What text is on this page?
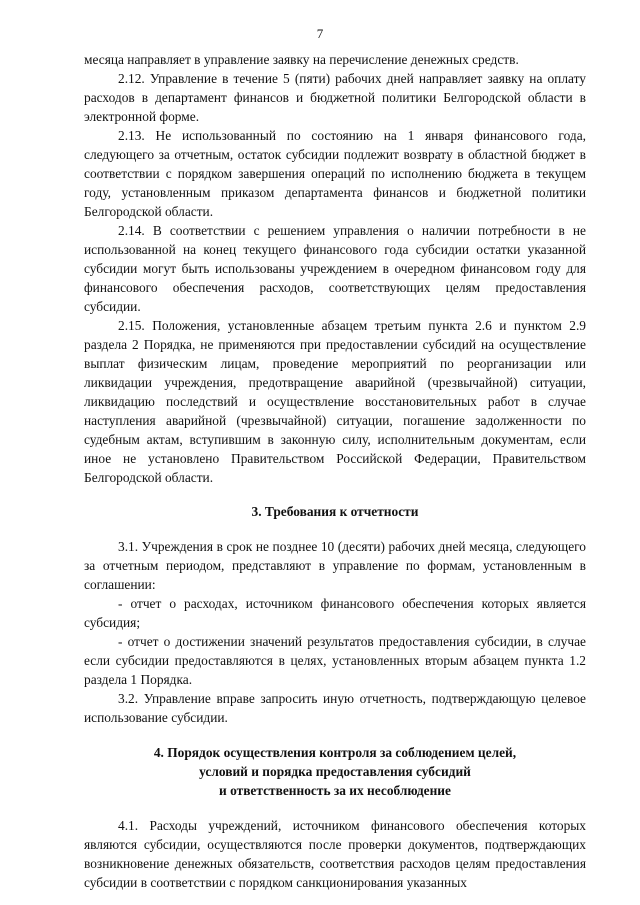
7

месяца направляет в управление заявку на перечисление денежных средств.

2.12. Управление в течение 5 (пяти) рабочих дней направляет заявку на оплату расходов в департамент финансов и бюджетной политики Белгородской области в электронной форме.

2.13. Не использованный по состоянию на 1 января финансового года, следующего за отчетным, остаток субсидии подлежит возврату в областной бюджет в соответствии с порядком завершения операций по исполнению бюджета в текущем году, установленным приказом департамента финансов и бюджетной политики Белгородской области.

2.14. В соответствии с решением управления о наличии потребности в не использованной на конец текущего финансового года субсидии остатки указанной субсидии могут быть использованы учреждением в очередном финансовом году для финансового обеспечения расходов, соответствующих целям предоставления субсидии.

2.15. Положения, установленные абзацем третьим пункта 2.6 и пунктом 2.9 раздела 2 Порядка, не применяются при предоставлении субсидий на осуществление выплат физическим лицам, проведение мероприятий по реорганизации или ликвидации учреждения, предотвращение аварийной (чрезвычайной) ситуации, ликвидацию последствий и осуществление восстановительных работ в случае наступления аварийной (чрезвычайной) ситуации, погашение задолженности по судебным актам, вступившим в законную силу, исполнительным документам, если иное не установлено Правительством Российской Федерации, Правительством Белгородской области.

3. Требования к отчетности

3.1. Учреждения в срок не позднее 10 (десяти) рабочих дней месяца, следующего за отчетным периодом, представляют в управление по формам, установленным в соглашении:

- отчет о расходах, источником финансового обеспечения которых является субсидия;

- отчет о достижении значений результатов предоставления субсидии, в случае если субсидии предоставляются в целях, установленных вторым абзацем пункта 1.2 раздела 1 Порядка.

3.2. Управление вправе запросить иную отчетность, подтверждающую целевое использование субсидии.

4. Порядок осуществления контроля за соблюдением целей,
условий и порядка предоставления субсидий
и ответственность за их несоблюдение

4.1. Расходы учреждений, источником финансового обеспечения которых являются субсидии, осуществляются после проверки документов, подтверждающих возникновение денежных обязательств, соответствия расходов целям предоставления субсидии в соответствии с порядком санкционирования указанных
